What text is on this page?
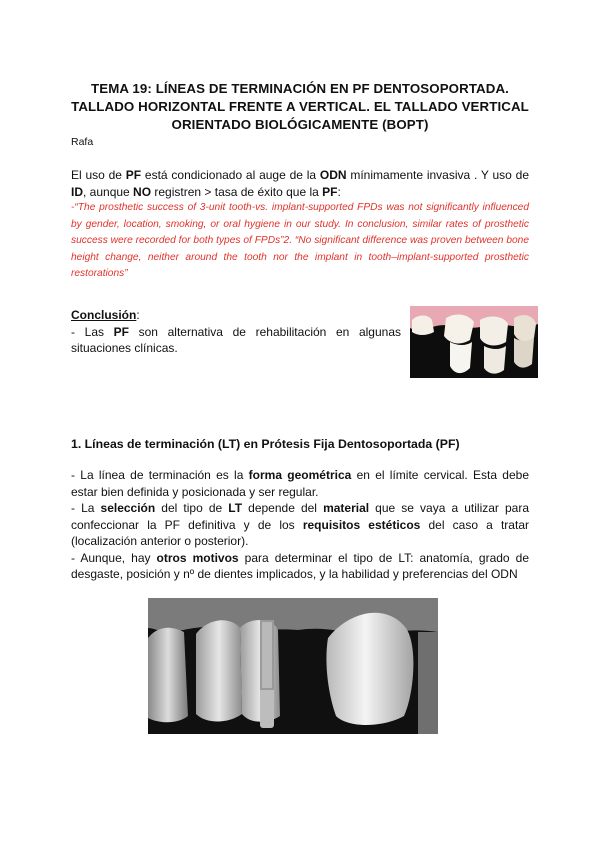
TEMA 19: LÍNEAS DE TERMINACIÓN EN PF DENTOSOPORTADA.
TALLADO HORIZONTAL FRENTE A VERTICAL. EL TALLADO VERTICAL
ORIENTADO BIOLÓGICAMENTE (BOPT)
Rafa
El uso de PF está condicionado al auge de la ODN mínimamente invasiva . Y uso de ID, aunque NO registren > tasa de éxito que la PF:
-“The prosthetic success of 3-unit tooth-vs. implant-supported FPDs was not significantly influenced by gender, location, smoking, or oral hygiene in our study. In conclusion, similar rates of prosthetic success were recorded for both types of FPDs”2. “No significant difference was proven between bone height change, neither around the tooth nor the implant in tooth–implant-supported prosthetic restorations”
Conclusión:
- Las PF son alternativa de rehabilitación en algunas situaciones clínicas.
1. Líneas de terminación (LT) en Prótesis Fija Dentosoportada (PF)
- La línea de terminación es la forma geométrica en el límite cervical. Esta debe estar bien definida y posicionada y ser regular.
- La selección del tipo de LT depende del material que se vaya a utilizar para confeccionar la PF definitiva y de los requisitos estéticos del caso a tratar (localización anterior o posterior).
- Aunque, hay otros motivos para determinar el tipo de LT: anatomía, grado de desgaste, posición y nº de dientes implicados, y la habilidad y preferencias del ODN
